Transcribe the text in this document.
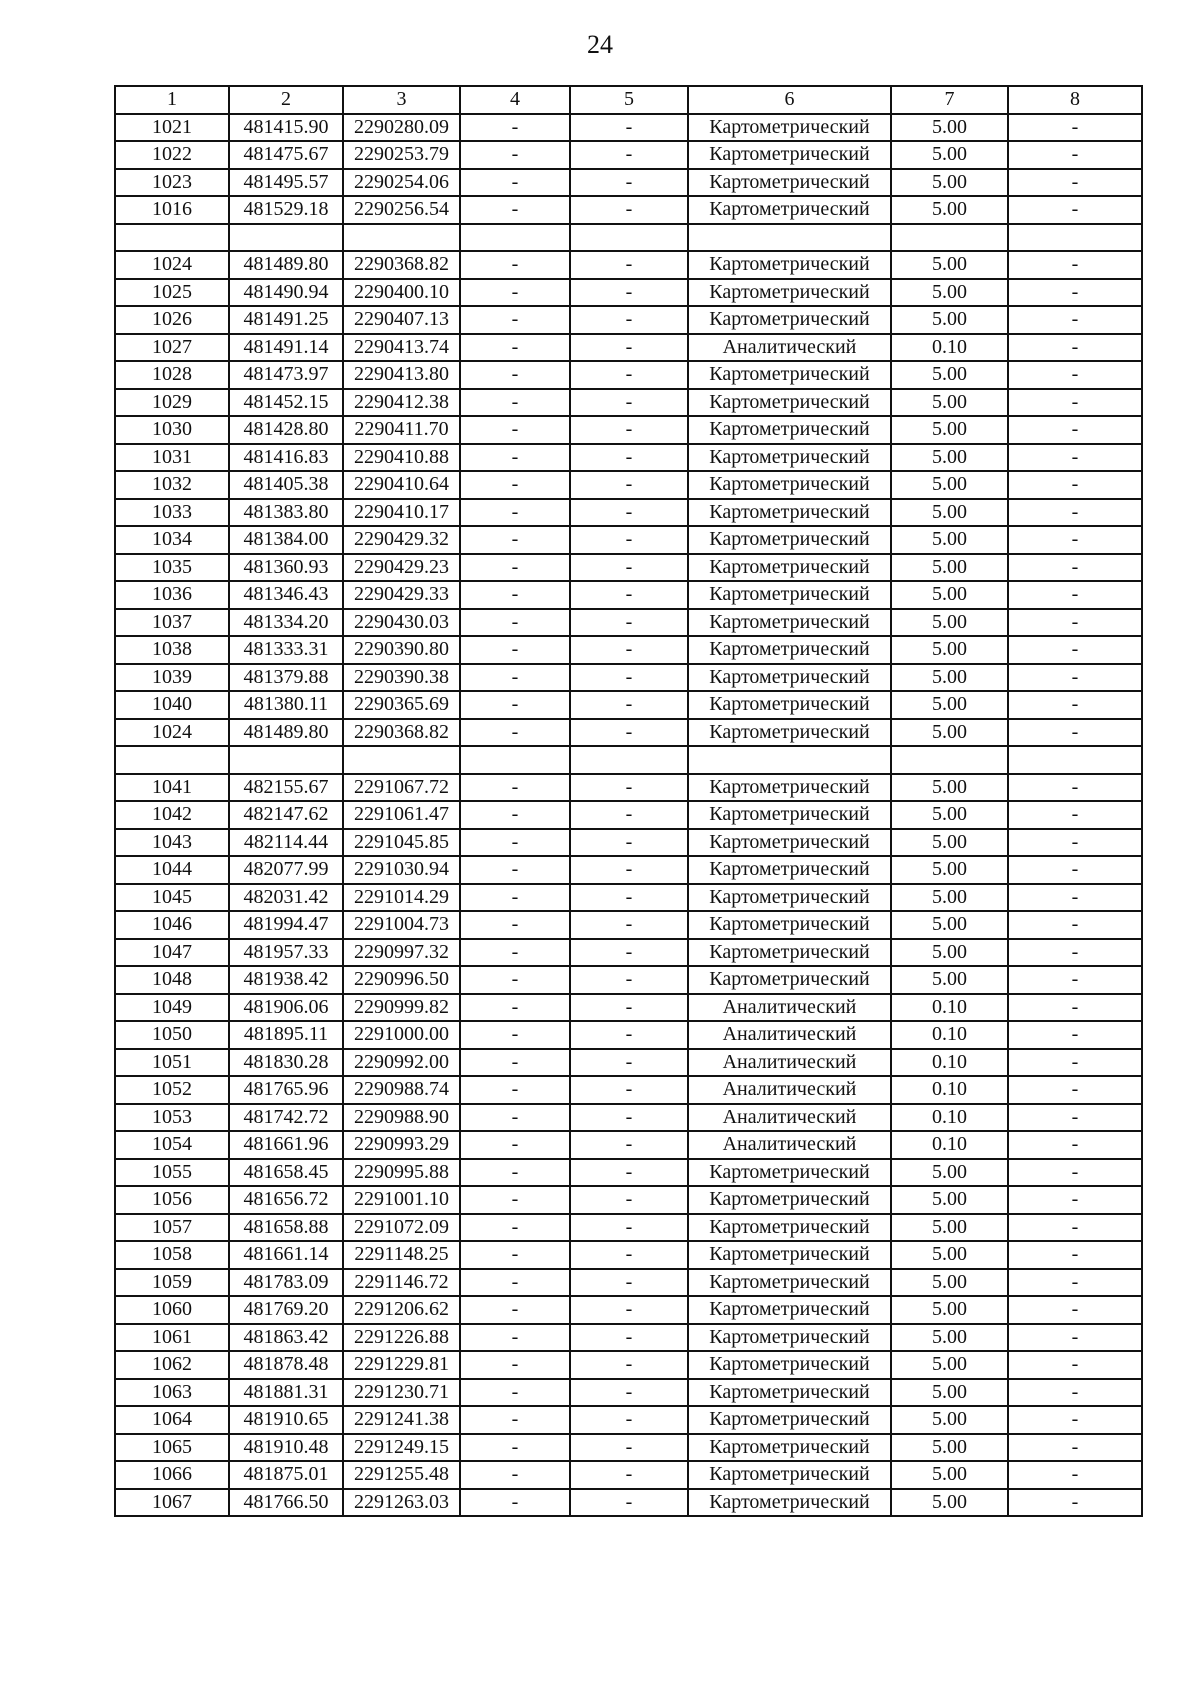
24
1	2	3	4	5	6	7	8
1021	481415.90	2290280.09	-	-	Картометрический	5.00	-
1022	481475.67	2290253.79	-	-	Картометрический	5.00	-
1023	481495.57	2290254.06	-	-	Картометрический	5.00	-
1016	481529.18	2290256.54	-	-	Картометрический	5.00	-

1024	481489.80	2290368.82	-	-	Картометрический	5.00	-
1025	481490.94	2290400.10	-	-	Картометрический	5.00	-
1026	481491.25	2290407.13	-	-	Картометрический	5.00	-
1027	481491.14	2290413.74	-	-	Аналитический	0.10	-
1028	481473.97	2290413.80	-	-	Картометрический	5.00	-
1029	481452.15	2290412.38	-	-	Картометрический	5.00	-
1030	481428.80	2290411.70	-	-	Картометрический	5.00	-
1031	481416.83	2290410.88	-	-	Картометрический	5.00	-
1032	481405.38	2290410.64	-	-	Картометрический	5.00	-
1033	481383.80	2290410.17	-	-	Картометрический	5.00	-
1034	481384.00	2290429.32	-	-	Картометрический	5.00	-
1035	481360.93	2290429.23	-	-	Картометрический	5.00	-
1036	481346.43	2290429.33	-	-	Картометрический	5.00	-
1037	481334.20	2290430.03	-	-	Картометрический	5.00	-
1038	481333.31	2290390.80	-	-	Картометрический	5.00	-
1039	481379.88	2290390.38	-	-	Картометрический	5.00	-
1040	481380.11	2290365.69	-	-	Картометрический	5.00	-
1024	481489.80	2290368.82	-	-	Картометрический	5.00	-

1041	482155.67	2291067.72	-	-	Картометрический	5.00	-
1042	482147.62	2291061.47	-	-	Картометрический	5.00	-
1043	482114.44	2291045.85	-	-	Картометрический	5.00	-
1044	482077.99	2291030.94	-	-	Картометрический	5.00	-
1045	482031.42	2291014.29	-	-	Картометрический	5.00	-
1046	481994.47	2291004.73	-	-	Картометрический	5.00	-
1047	481957.33	2290997.32	-	-	Картометрический	5.00	-
1048	481938.42	2290996.50	-	-	Картометрический	5.00	-
1049	481906.06	2290999.82	-	-	Аналитический	0.10	-
1050	481895.11	2291000.00	-	-	Аналитический	0.10	-
1051	481830.28	2290992.00	-	-	Аналитический	0.10	-
1052	481765.96	2290988.74	-	-	Аналитический	0.10	-
1053	481742.72	2290988.90	-	-	Аналитический	0.10	-
1054	481661.96	2290993.29	-	-	Аналитический	0.10	-
1055	481658.45	2290995.88	-	-	Картометрический	5.00	-
1056	481656.72	2291001.10	-	-	Картометрический	5.00	-
1057	481658.88	2291072.09	-	-	Картометрический	5.00	-
1058	481661.14	2291148.25	-	-	Картометрический	5.00	-
1059	481783.09	2291146.72	-	-	Картометрический	5.00	-
1060	481769.20	2291206.62	-	-	Картометрический	5.00	-
1061	481863.42	2291226.88	-	-	Картометрический	5.00	-
1062	481878.48	2291229.81	-	-	Картометрический	5.00	-
1063	481881.31	2291230.71	-	-	Картометрический	5.00	-
1064	481910.65	2291241.38	-	-	Картометрический	5.00	-
1065	481910.48	2291249.15	-	-	Картометрический	5.00	-
1066	481875.01	2291255.48	-	-	Картометрический	5.00	-
1067	481766.50	2291263.03	-	-	Картометрический	5.00	-
